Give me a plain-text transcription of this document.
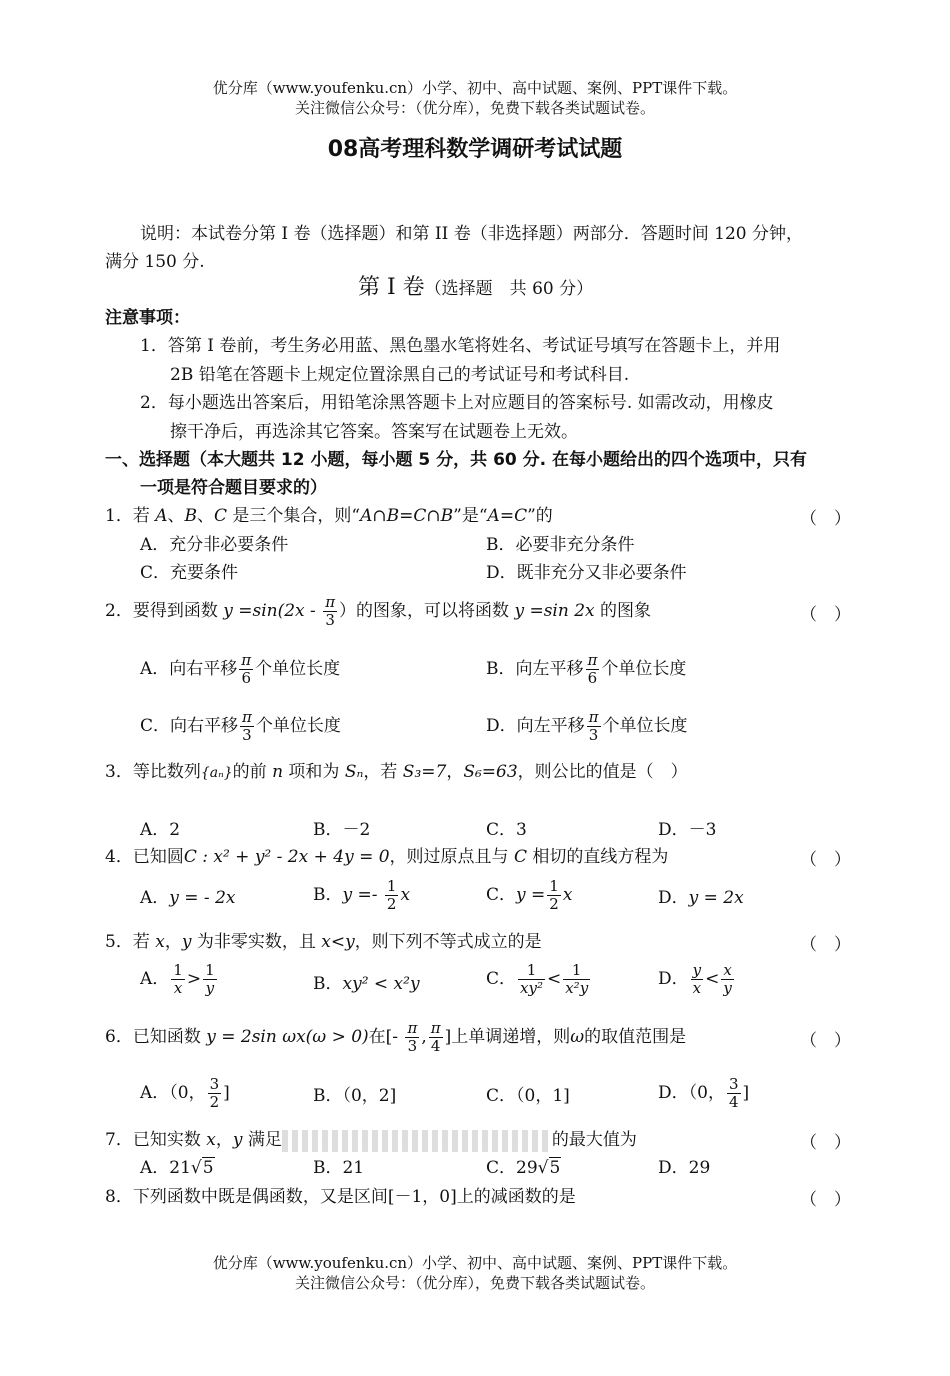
优分库（www.youfenku.cn）小学、初中、高中试题、案例、PPT课件下载。
关注微信公众号：（优分库），免费下载各类试题试卷。
08高考理科数学调研考试试题
说明：本试卷分第 I 卷（选择题）和第 II 卷（非选择题）两部分．答题时间 120 分钟，
满分 150 分.
第 I 卷（选择题　共 60 分）
注意事项：
1．答第 I 卷前，考生务必用蓝、黑色墨水笔将姓名、考试证号填写在答题卡上，并用
2B 铅笔在答题卡上规定位置涂黑自己的考试证号和考试科目.
2．每小题选出答案后，用铅笔涂黑答题卡上对应题目的答案标号. 如需改动，用橡皮
擦干净后，再选涂其它答案。答案写在试题卷上无效。
一、选择题（本大题共 12 小题，每小题 5 分，共 60 分. 在每小题给出的四个选项中，只有
一项是符合题目要求的）
1．若 A、B、C 是三个集合，则“A∩B=C∩B”是“A=C”的	（　）
A．充分非必要条件	B．必要非充分条件
C．充要条件	D．既非充分又非必要条件
2．要得到函数 $y =\sin(2x - \frac{\pi}{3}$ ）的图象，可以将函数 y =sin 2x 的图象	（　）
A．向右平移 $\frac{\pi}{6}$ 个单位长度	B．向左平移 $\frac{\pi}{6}$ 个单位长度
C．向右平移 $\frac{\pi}{3}$ 个单位长度	D．向左平移 $\frac{\pi}{3}$ 个单位长度
3．等比数列{aₙ}的前 n 项和为 Sₙ，若 S₃=7，S₆=63，则公比的值是（　）
A．2	B．－2	C．3	D．－3
4．已知圆C : x² + y² - 2x + 4y = 0，则过原点且与 C 相切的直线方程为	（　）
A．y = - 2x	B．$y =- \frac{1}{2}$ x	C．$y = \frac{1}{2}$ x	D．y = 2x
5．若 x，y 为非零实数，且 x<y，则下列不等式成立的是	（　）
A． $\frac{1}{x} > \frac{1}{y}$	B．xy² < x²y	C． $\frac{1}{\text{xy²}} < \frac{1}{\text{x²y}}$	D． $\frac{y}{x} < \frac{x}{y}$
6．已知函数 y = 2sin ωx(ω > 0)在[- $\frac{\pi}{3}$ , $\frac{\pi}{4}$ ]上单调递增，则ω的取值范围是	（　）
A．（0， $\frac{3}{2}$ ]	B．（0，2]	C．（0，1]	D．（0， $\frac{3}{4}$ ]
7．已知实数 x，y 满足	的最大值为	（　）
A．21√5	B．21	C．29√5	D．29
8．下列函数中既是偶函数，又是区间[－1，0]上的减函数的是	（　）
优分库（www.youfenku.cn）小学、初中、高中试题、案例、PPT课件下载。
关注微信公众号：（优分库），免费下载各类试题试卷。
